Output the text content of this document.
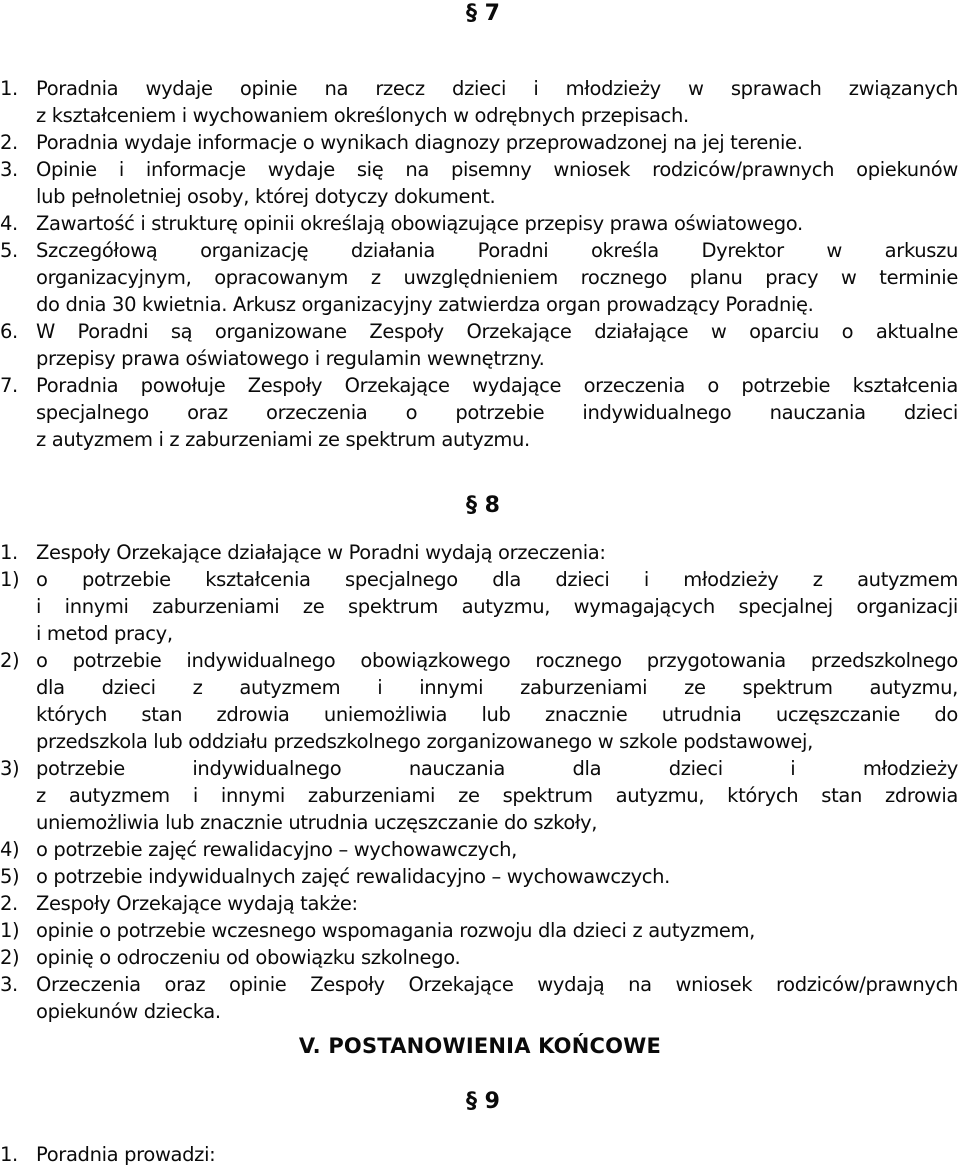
§ 7
1. Poradnia wydaje opinie na rzecz dzieci i młodzieży w sprawach związanych
z kształceniem i wychowaniem określonych w odrębnych przepisach.
2. Poradnia wydaje informacje o wynikach diagnozy przeprowadzonej na jej terenie.
3. Opinie i informacje wydaje się na pisemny wniosek rodziców/prawnych opiekunów
lub pełnoletniej osoby, której dotyczy dokument.
4. Zawartość i strukturę opinii określają obowiązujące przepisy prawa oświatowego.
5. Szczegółową organizację działania Poradni określa Dyrektor w arkuszu
organizacyjnym, opracowanym z uwzględnieniem rocznego planu pracy w terminie
do dnia 30 kwietnia. Arkusz organizacyjny zatwierdza organ prowadzący Poradnię.
6. W Poradni są organizowane Zespoły Orzekające działające w oparciu o aktualne
przepisy prawa oświatowego i regulamin wewnętrzny.
7. Poradnia powołuje Zespoły Orzekające wydające orzeczenia o potrzebie kształcenia
specjalnego oraz orzeczenia o potrzebie indywidualnego nauczania dzieci
z autyzmem i z zaburzeniami ze spektrum autyzmu.
§ 8
1. Zespoły Orzekające działające w Poradni wydają orzeczenia:
1) o potrzebie kształcenia specjalnego dla dzieci i młodzieży z autyzmem
i innymi zaburzeniami ze spektrum autyzmu, wymagających specjalnej organizacji
i metod pracy,
2) o potrzebie indywidualnego obowiązkowego rocznego przygotowania przedszkolnego
dla dzieci z autyzmem i innymi zaburzeniami ze spektrum autyzmu,
których stan zdrowia uniemożliwia lub znacznie utrudnia uczęszczanie do
przedszkola lub oddziału przedszkolnego zorganizowanego w szkole podstawowej,
3) potrzebie indywidualnego nauczania dla dzieci i młodzieży
z autyzmem i innymi zaburzeniami ze spektrum autyzmu, których stan zdrowia
uniemożliwia lub znacznie utrudnia uczęszczanie do szkoły,
4) o potrzebie zajęć rewalidacyjno – wychowawczych,
5) o potrzebie indywidualnych zajęć rewalidacyjno – wychowawczych.
2. Zespoły Orzekające wydają także:
1) opinie o potrzebie wczesnego wspomagania rozwoju dla dzieci z autyzmem,
2) opinię o odroczeniu od obowiązku szkolnego.
3. Orzeczenia oraz opinie Zespoły Orzekające wydają na wniosek rodziców/prawnych
opiekunów dziecka.
V. POSTANOWIENIA KOŃCOWE
§ 9
1. Poradnia prowadzi:
